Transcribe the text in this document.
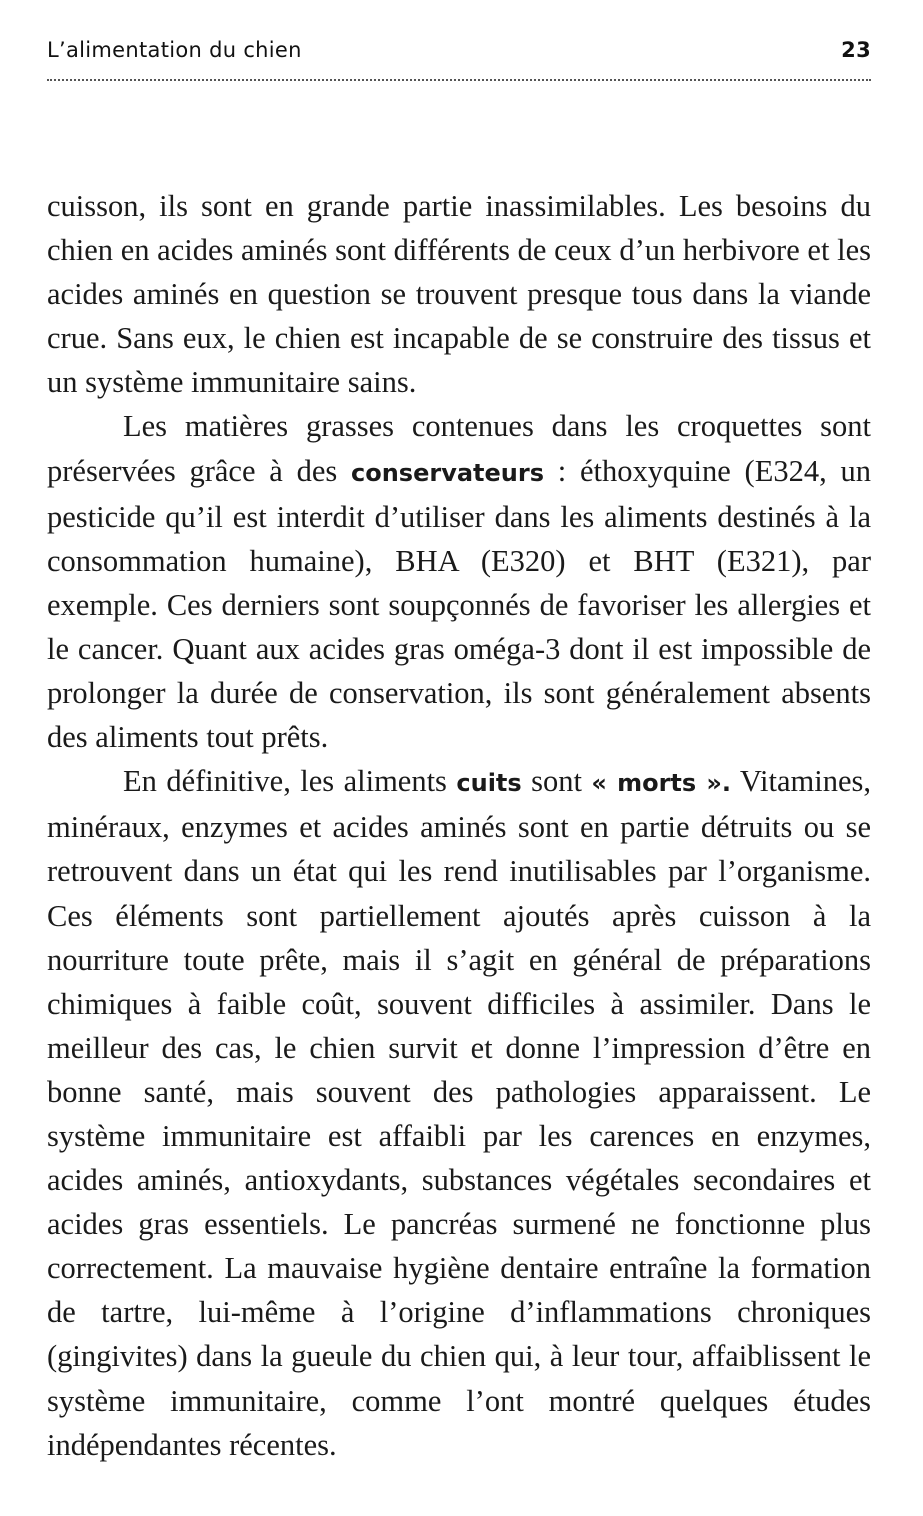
L’alimentation du chien	23

cuisson, ils sont en grande partie inassimilables. Les besoins du chien en acides aminés sont différents de ceux d’un herbivore et les acides aminés en question se trouvent presque tous dans la viande crue. Sans eux, le chien est incapable de se construire des tissus et un système immunitaire sains.

Les matières grasses contenues dans les croquettes sont préservées grâce à des conservateurs : éthoxyquine (E324, un pesticide qu’il est interdit d’utiliser dans les aliments destinés à la consommation humaine), BHA (E320) et BHT (E321), par exemple. Ces derniers sont soupçonnés de favoriser les allergies et le cancer. Quant aux acides gras oméga-3 dont il est impossible de prolonger la durée de conservation, ils sont généralement absents des aliments tout prêts.

En définitive, les aliments cuits sont « morts ». Vitamines, minéraux, enzymes et acides aminés sont en partie détruits ou se retrouvent dans un état qui les rend inutilisables par l’organisme. Ces éléments sont partiellement ajoutés après cuisson à la nourriture toute prête, mais il s’agit en général de préparations chimiques à faible coût, souvent difficiles à assimiler. Dans le meilleur des cas, le chien survit et donne l’impression d’être en bonne santé, mais souvent des pathologies apparaissent. Le système immunitaire est affaibli par les carences en enzymes, acides aminés, antioxydants, substances végétales secondaires et acides gras essentiels. Le pancréas surmené ne fonctionne plus correctement. La mauvaise hygiène dentaire entraîne la formation de tartre, lui-même à l’origine d’inflammations chroniques (gingivites) dans la gueule du chien qui, à leur tour, affaiblissent le système immunitaire, comme l’ont montré quelques études indépendantes récentes.
